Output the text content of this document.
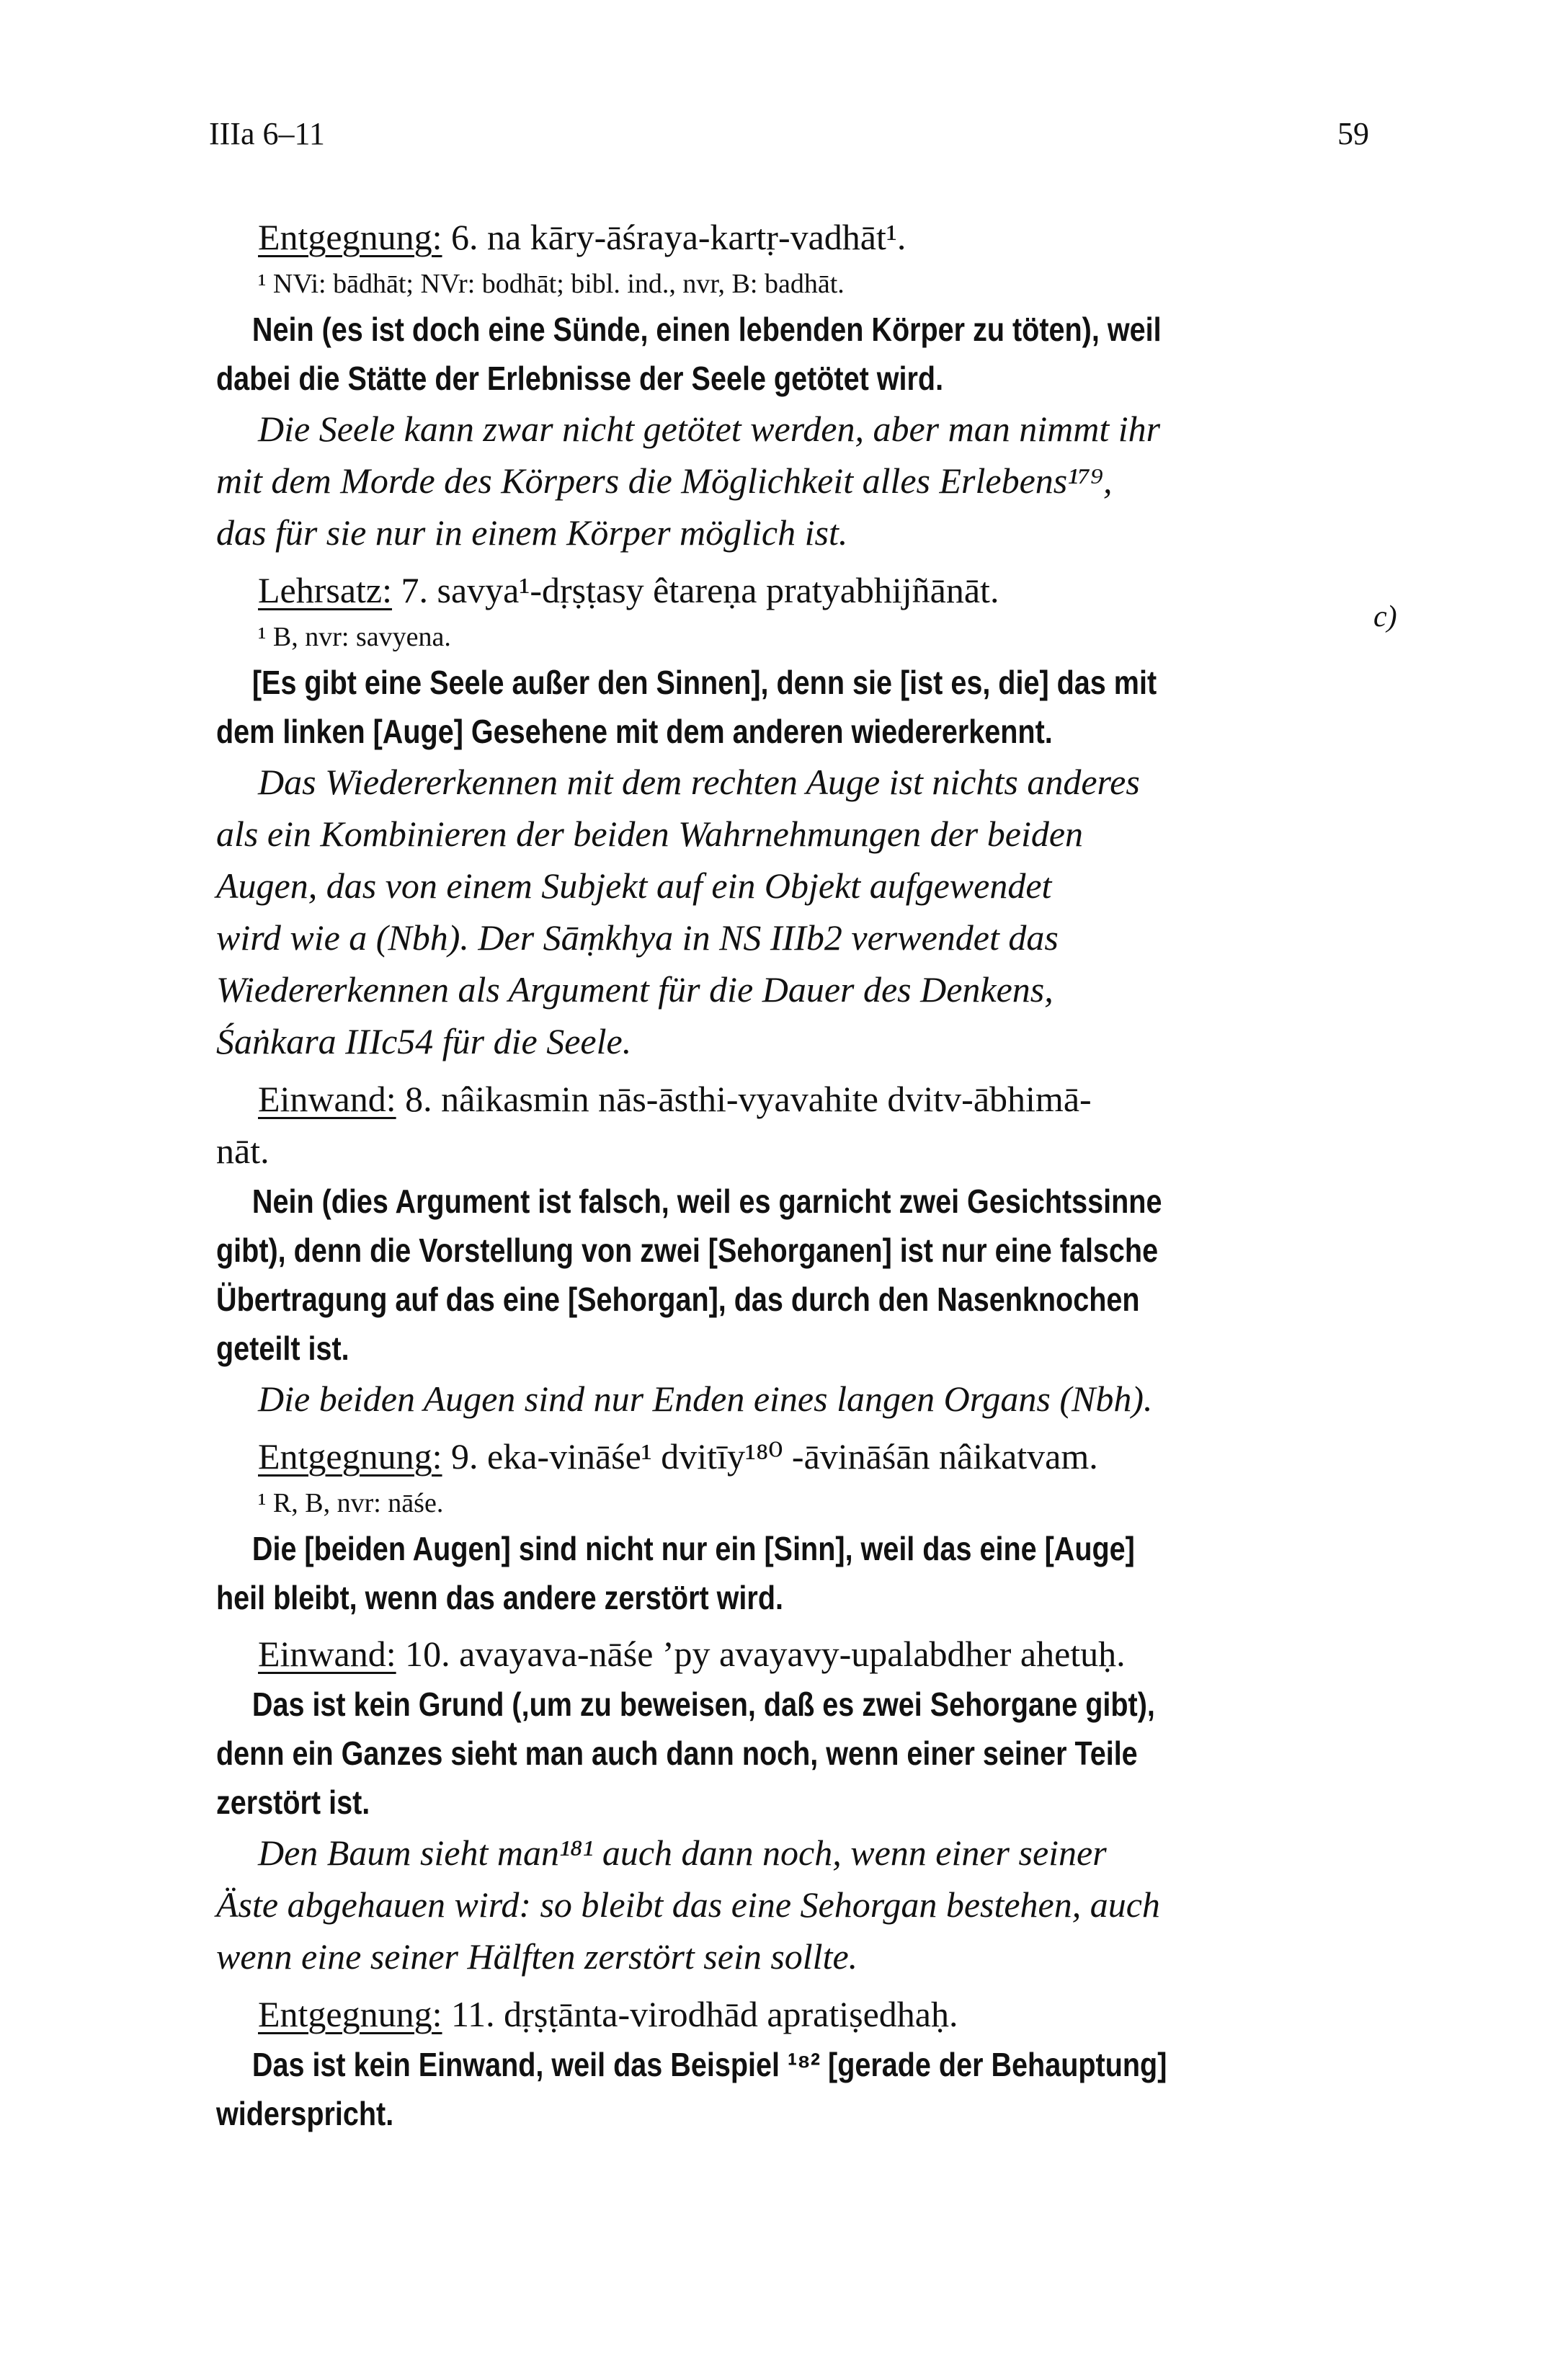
IIIa 6–11	59
c)

Entgegnung: 6. na kāry-āśraya-kartṛ-vadhāt¹.

¹ NVi: bādhāt; NVr: bodhāt; bibl. ind., nvr, B: badhāt.

Nein (es ist doch eine Sünde, einen lebenden Körper zu töten), weil

dabei die Stätte der Erlebnisse der Seele getötet wird.

Die Seele kann zwar nicht getötet werden, aber man nimmt ihr

mit dem Morde des Körpers die Möglichkeit alles Erlebens¹⁷⁹,

das für sie nur in einem Körper möglich ist.

Lehrsatz: 7. savya¹-dṛṣṭasy êtareṇa pratyabhijñānāt.

¹ B, nvr: savyena.

[Es gibt eine Seele außer den Sinnen], denn sie [ist es, die] das mit

dem linken [Auge] Gesehene mit dem anderen wiedererkennt.

Das Wiedererkennen mit dem rechten Auge ist nichts anderes

als ein Kombinieren der beiden Wahrnehmungen der beiden

Augen, das von einem Subjekt auf ein Objekt aufgewendet

wird wie a (Nbh). Der Sāṃkhya in NS IIIb2 verwendet das

Wiedererkennen als Argument für die Dauer des Denkens,

Śaṅkara IIIc54 für die Seele.

Einwand: 8. nâikasmin nās-āsthi-vyavahite dvitv-ābhimā-

nāt.

Nein (dies Argument ist falsch, weil es garnicht zwei Gesichtssinne

gibt), denn die Vorstellung von zwei [Sehorganen] ist nur eine falsche

Übertragung auf das eine [Sehorgan], das durch den Nasenknochen

geteilt ist.

Die beiden Augen sind nur Enden eines langen Organs (Nbh).

Entgegnung: 9. eka-vināśe¹ dvitīy¹⁸⁰ -āvināśān nâikatvam.

¹ R, B, nvr: nāśe.

Die [beiden Augen] sind nicht nur ein [Sinn], weil das eine [Auge]

heil bleibt, wenn das andere zerstört wird.

Einwand: 10. avayava-nāśe ’py avayavy-upalabdher ahetuḥ.

Das ist kein Grund (‚um zu beweisen, daß es zwei Sehorgane gibt),

denn ein Ganzes sieht man auch dann noch, wenn einer seiner Teile

zerstört ist.

Den Baum sieht man¹⁸¹ auch dann noch, wenn einer seiner

Äste abgehauen wird: so bleibt das eine Sehorgan bestehen, auch

wenn eine seiner Hälften zerstört sein sollte.

Entgegnung: 11. dṛṣṭānta-virodhād apratiṣedhaḥ.

Das ist kein Einwand, weil das Beispiel ¹⁸² [gerade der Behauptung]

widerspricht.
